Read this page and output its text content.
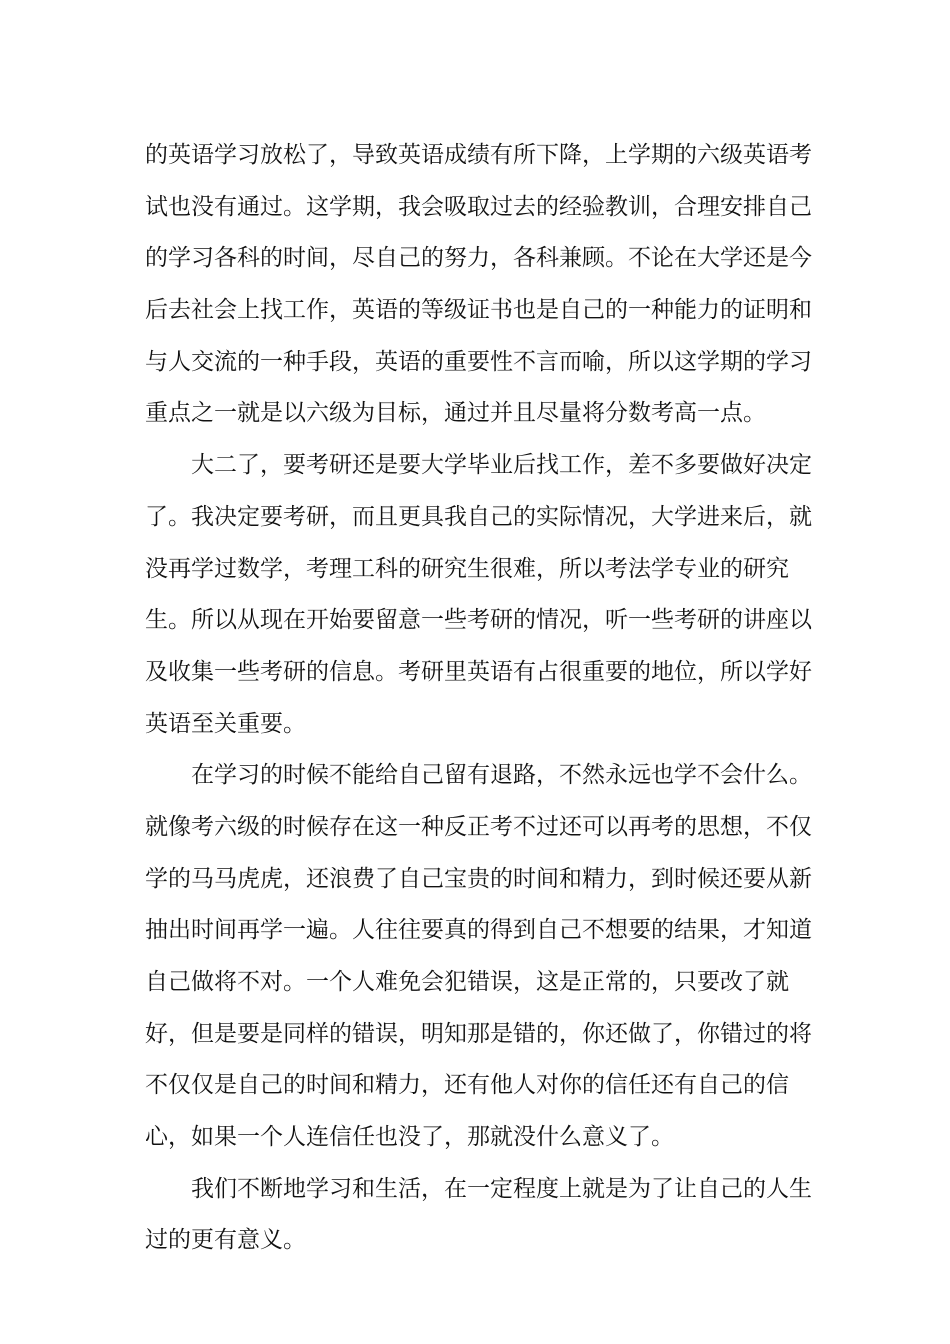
的英语学习放松了，导致英语成绩有所下降，上学期的六级英语考
试也没有通过。这学期，我会吸取过去的经验教训，合理安排自己
的学习各科的时间，尽自己的努力，各科兼顾。不论在大学还是今
后去社会上找工作，英语的等级证书也是自己的一种能力的证明和
与人交流的一种手段，英语的重要性不言而喻，所以这学期的学习
重点之一就是以六级为目标，通过并且尽量将分数考高一点。
大二了，要考研还是要大学毕业后找工作，差不多要做好决定
了。我决定要考研，而且更具我自己的实际情况，大学进来后，就
没再学过数学，考理工科的研究生很难，所以考法学专业的研究
生。所以从现在开始要留意一些考研的情况，听一些考研的讲座以
及收集一些考研的信息。考研里英语有占很重要的地位，所以学好
英语至关重要。
在学习的时候不能给自己留有退路，不然永远也学不会什么。
就像考六级的时候存在这一种反正考不过还可以再考的思想，不仅
学的马马虎虎，还浪费了自己宝贵的时间和精力，到时候还要从新
抽出时间再学一遍。人往往要真的得到自己不想要的结果，才知道
自己做将不对。一个人难免会犯错误，这是正常的，只要改了就
好，但是要是同样的错误，明知那是错的，你还做了，你错过的将
不仅仅是自己的时间和精力，还有他人对你的信任还有自己的信
心，如果一个人连信任也没了，那就没什么意义了。
我们不断地学习和生活，在一定程度上就是为了让自己的人生
过的更有意义。
